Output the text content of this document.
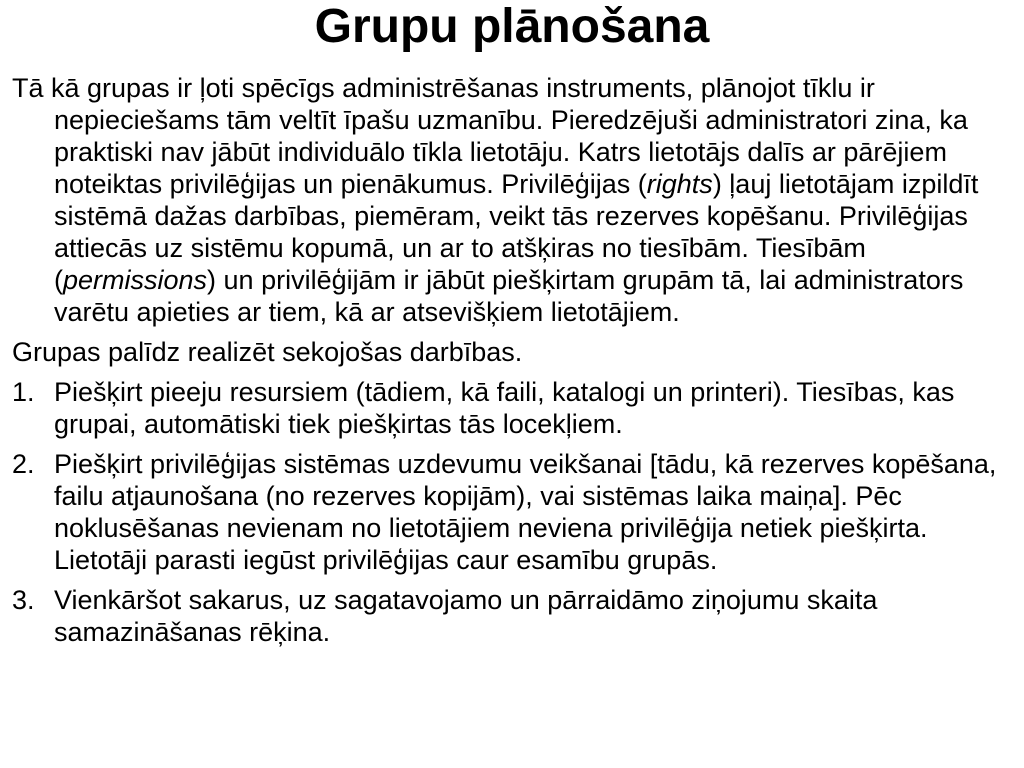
Grupu plānošana

Tā kā grupas ir ļoti spēcīgs administrēšanas instruments, plānojot tīklu ir nepieciešams tām veltīt īpašu uzmanību. Pieredzējuši administratori zina, ka praktiski nav jābūt individuālo tīkla lietotāju. Katrs lietotājs dalīs ar pārējiem noteiktas privilēģijas un pienākumus. Privilēģijas (rights) ļauj lietotājam izpildīt sistēmā dažas darbības, piemēram, veikt tās rezerves kopēšanu. Privilēģijas attiecās uz sistēmu kopumā, un ar to atšķiras no tiesībām. Tiesībām (permissions) un privilēģijām ir jābūt piešķirtam grupām tā, lai administrators varētu apieties ar tiem, kā ar atsevišķiem lietotājiem.

Grupas palīdz realizēt sekojošas darbības.

1. Piešķirt pieeju resursiem (tādiem, kā faili, katalogi un printeri). Tiesības, kas grupai, automātiski tiek piešķirtas tās locekļiem.
2. Piešķirt privilēģijas sistēmas uzdevumu veikšanai [tādu, kā rezerves kopēšana, failu atjaunošana (no rezerves kopijām), vai sistēmas laika maiņa]. Pēc noklusēšanas nevienam no lietotājiem neviena privilēģija netiek piešķirta. Lietotāji parasti iegūst privilēģijas caur esamību grupās.
3. Vienkāršot sakarus, uz sagatavojamo un pārraidāmo ziņojumu skaita samazināšanas rēķina.
